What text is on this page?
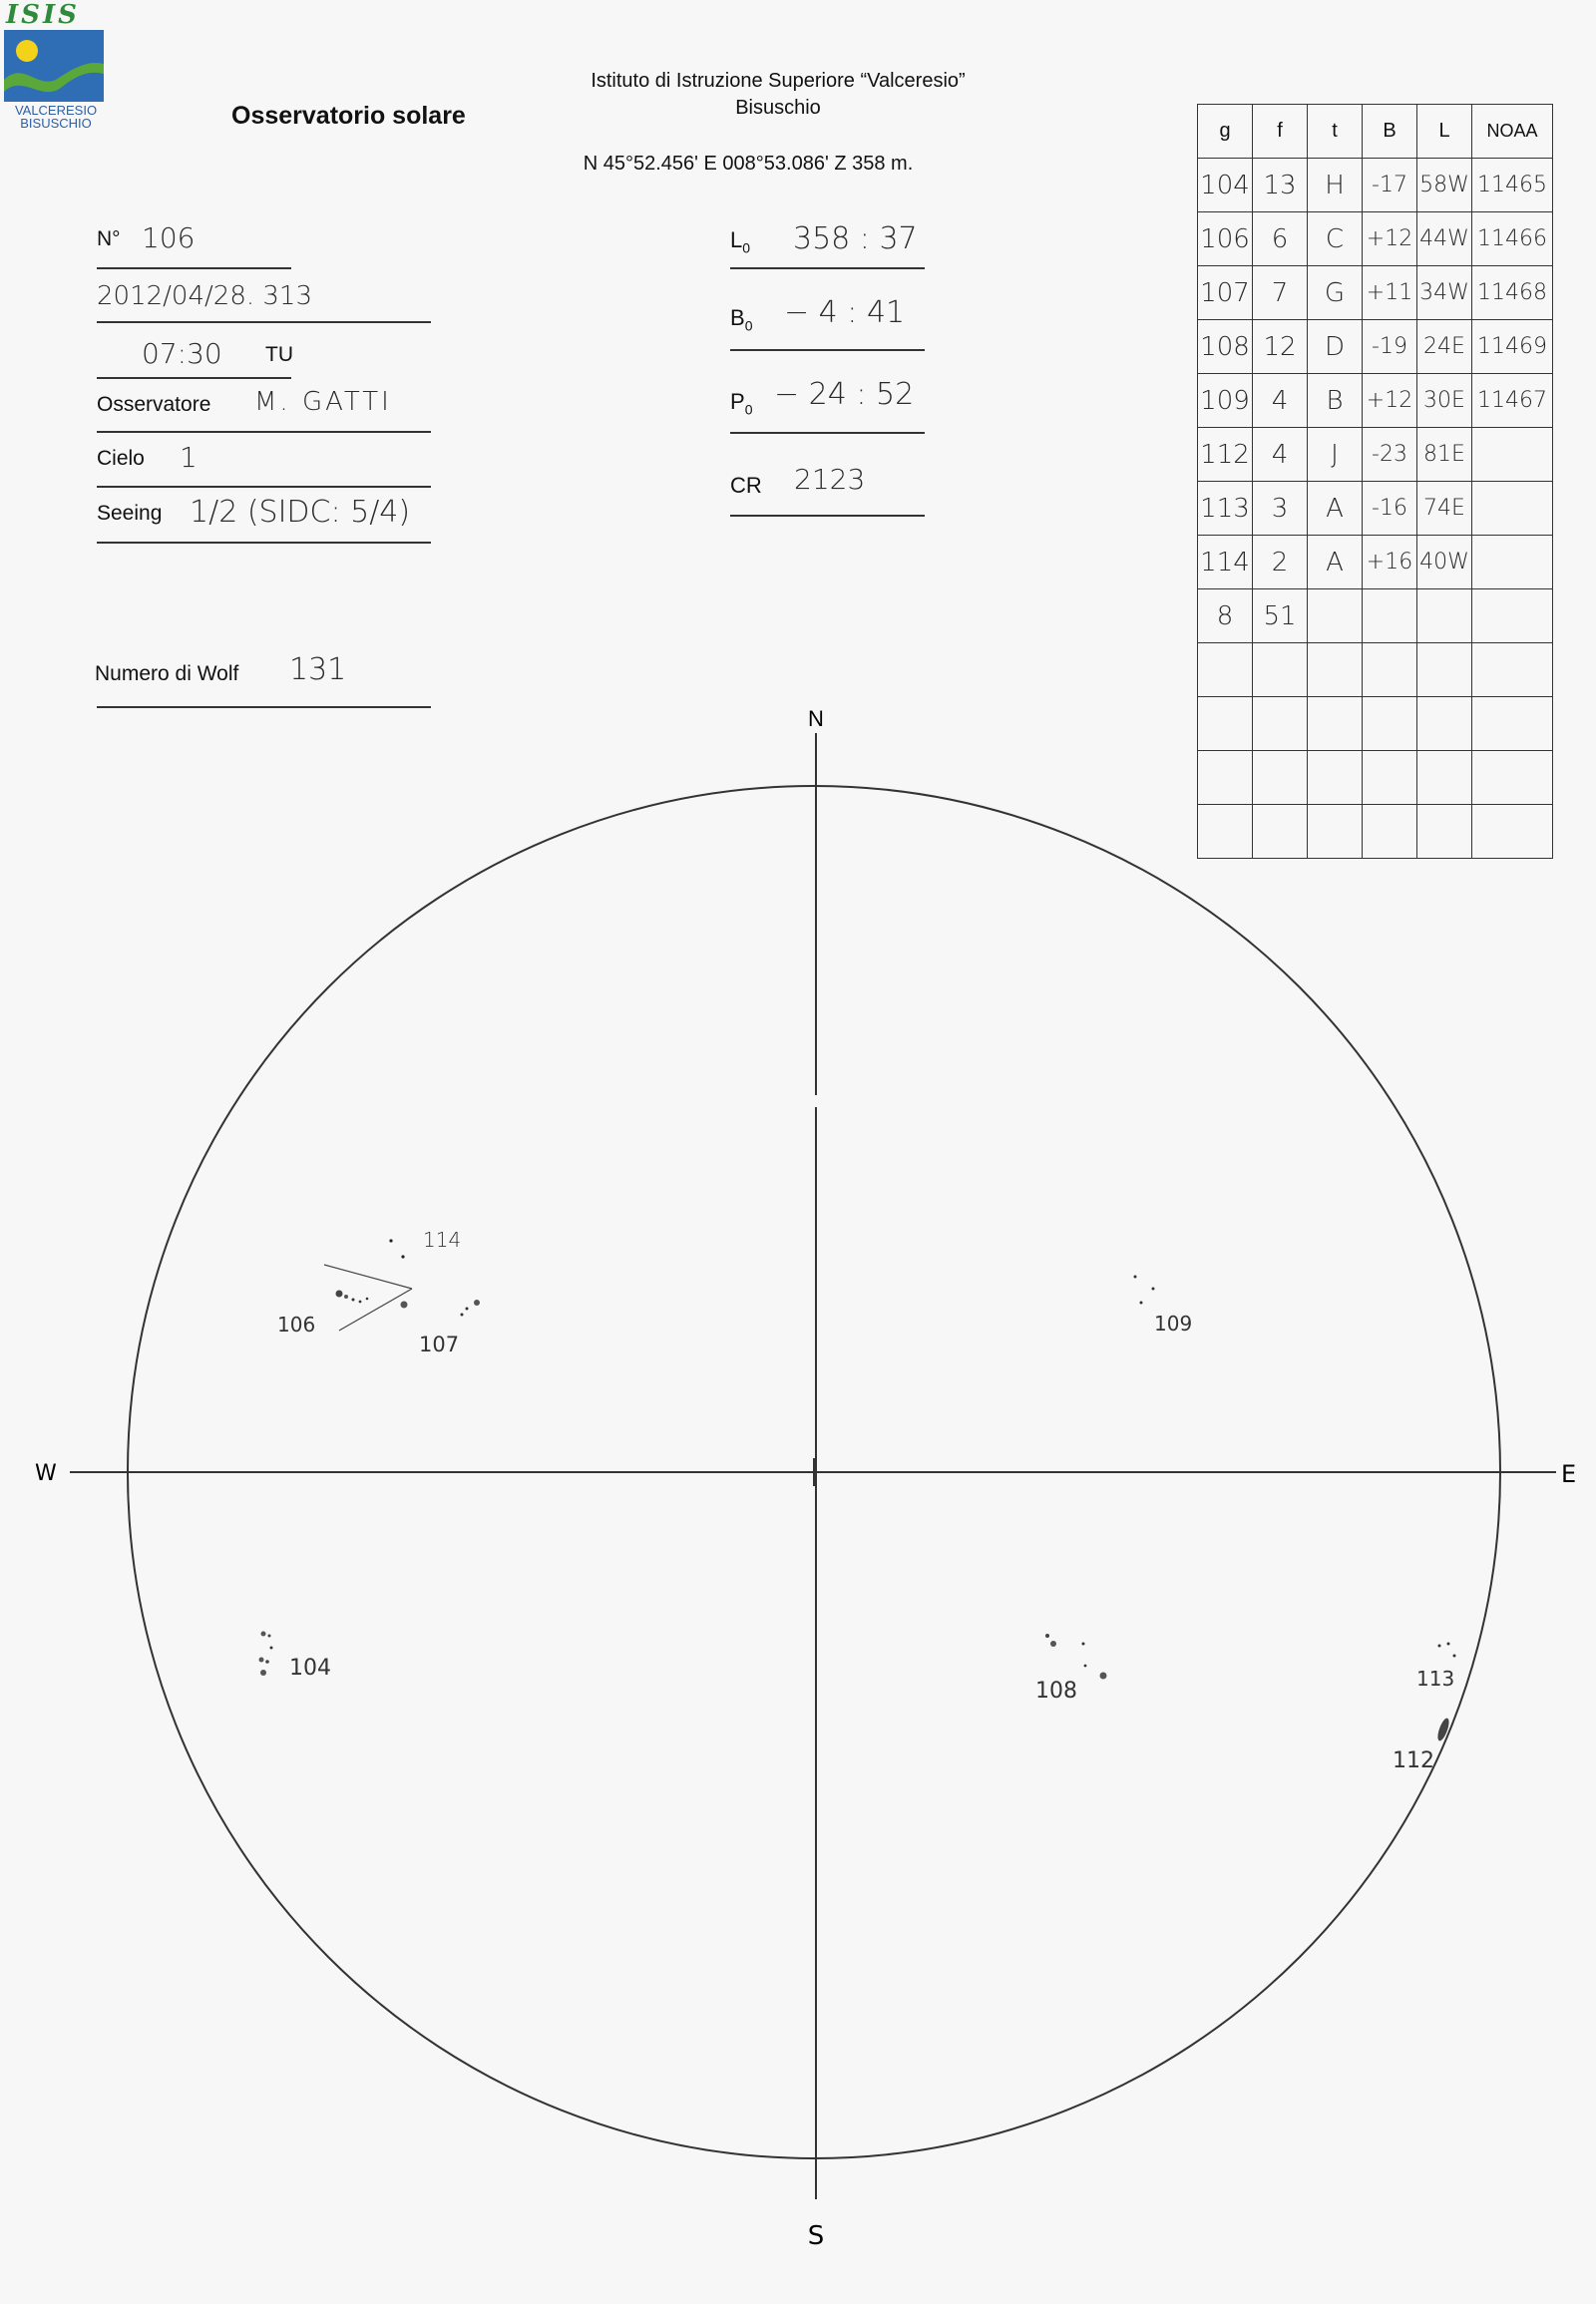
ISIS
VALCERESIO
BISUSCHIO	Osservatorio solare
Istituto di Istruzione Superiore “Valceresio”
Bisuschio
N 45°52.456' E 008°53.086' Z 358 m.
N° 106
2012/04/28. 313
07:30 TU
Osservatore M. GATTI
Cielo 1
Seeing 1/2 (SIDC: 5/4)
Numero di Wolf 131
$L_0$ 358 : 37
$B_0 - 4$ : 41
$P_0 - 24$ : 52
CR 2123
g	f	t	B	L	NOAA
104	13	H	-17	58W	11465
106	6	C	+12	44W	11466
107	7	G	+11	34W	11468
108	12	D	-19	24E	11469
109	4	B	+12	30E	11467
112	4	J	-23	81E	
113	3	A	-16	74E	
114	2	A	+16	40W	
8	51				

N
S
E
W
114
106
107
109
104
108	113
112
